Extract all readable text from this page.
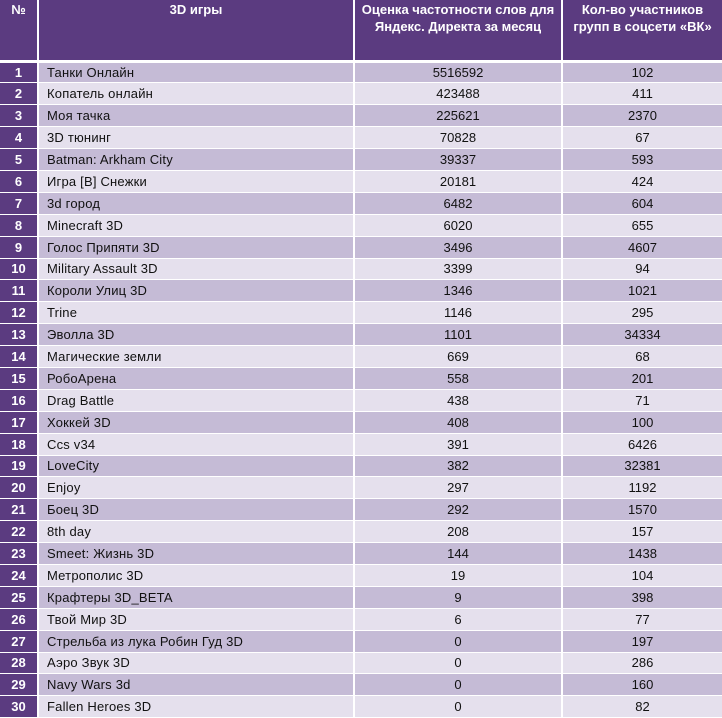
№	3D игры	Оценка частотности слов для Яндекс. Директа за месяц	Кол-во участников групп в соцсети «ВК»
1	Танки Онлайн	5516592	102
2	Копатель онлайн	423488	411
3	Моя тачка	225621	2370
4	3D тюнинг	70828	67
5	Batman: Arkham City	39337	593
6	Игра [В] Снежки	20181	424
7	3d город	6482	604
8	Minecraft 3D	6020	655
9	Голос Припяти 3D	3496	4607
10	Military Assault 3D	3399	94
11	Короли Улиц 3D	1346	1021
12	Trine	1146	295
13	Эволла 3D	1101	34334
14	Магические земли	669	68
15	РобоАрена	558	201
16	Drag Battle	438	71
17	Хоккей 3D	408	100
18	Ccs v34	391	6426
19	LoveCity	382	32381
20	Enjoy	297	1192
21	Боец 3D	292	1570
22	8th day	208	157
23	Smeet: Жизнь 3D	144	1438
24	Метрополис 3D	19	104
25	Крафтеры 3D_BETA	9	398
26	Твой Мир 3D	6	77
27	Стрельба из лука Робин Гуд 3D	0	197
28	Аэро Звук 3D	0	286
29	Navy Wars 3d	0	160
30	Fallen Heroes 3D	0	82
